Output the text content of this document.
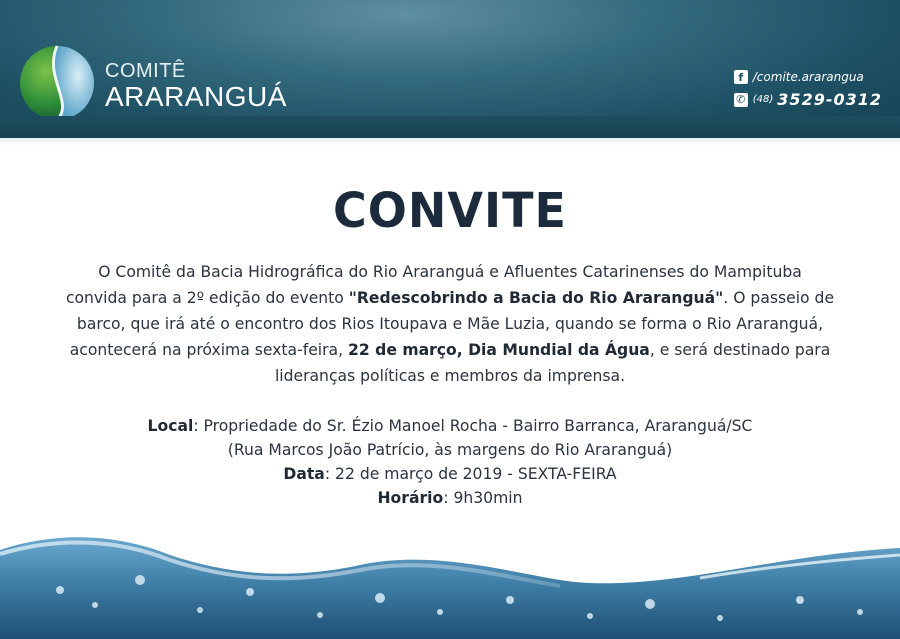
COMITÊ
ARARANGUÁ
f /comite.ararangua
✆ (48) 3529-0312
CONVITE
O Comitê da Bacia Hidrográfica do Rio Araranguá e Afluentes Catarinenses do Mampituba
convida para a 2º edição do evento "Redescobrindo a Bacia do Rio Araranguá". O passeio de
barco, que irá até o encontro dos Rios Itoupava e Mãe Luzia, quando se forma o Rio Araranguá,
acontecerá na próxima sexta-feira, 22 de março, Dia Mundial da Água, e será destinado para
lideranças políticas e membros da imprensa.
Local: Propriedade do Sr. Ézio Manoel Rocha - Bairro Barranca, Araranguá/SC
(Rua Marcos João Patrício, às margens do Rio Araranguá)
Data: 22 de março de 2019 - SEXTA-FEIRA
Horário: 9h30min
